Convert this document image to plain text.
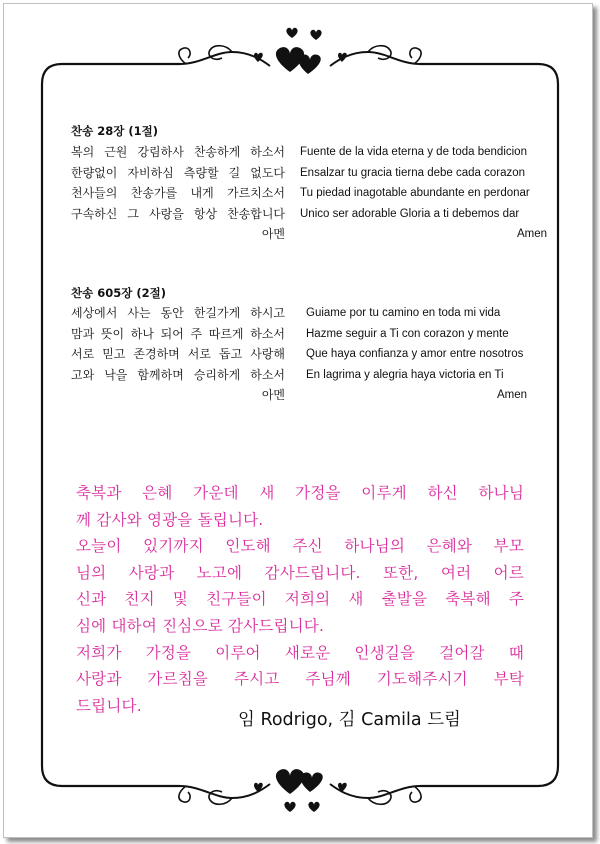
찬송 28장 (1절)
복의 근원 강림하사 찬송하게 하소서
한량없이 자비하심 측량할 길 없도다
천사들의 찬송가를 내게 가르치소서
구속하신 그 사랑을 항상 찬송합니다
아멘
Fuente de la vida eterna y de toda bendicion
Ensalzar tu gracia tierna debe cada corazon
Tu piedad inagotable abundante en perdonar
Unico ser adorable Gloria a ti debemos dar
Amen
찬송 605장 (2절)
세상에서 사는 동안 한길가게 하시고
맘과 뜻이 하나 되어 주 따르게 하소서
서로 믿고 존경하며 서로 돕고 사랑해
고와 낙을 함께하며 승리하게 하소서
아멘
Guiame por tu camino en toda mi vida
Hazme seguir a Ti con corazon y mente
Que haya confianza y amor entre nosotros
En lagrima y alegria haya victoria en Ti
Amen
축복과 은혜 가운데 새 가정을 이루게 하신 하나님
께 감사와 영광을 돌립니다.
오늘이 있기까지 인도해 주신 하나님의 은혜와 부모
님의 사랑과 노고에 감사드립니다. 또한, 여러 어르
신과 친지 및 친구들이 저희의 새 출발을 축복해 주
심에 대하여 진심으로 감사드립니다.
저희가 가정을 이루어 새로운 인생길을 걸어갈 때
사랑과 가르침을 주시고 주님께 기도해주시기 부탁
드립니다.
임 Rodrigo, 김 Camila 드림
